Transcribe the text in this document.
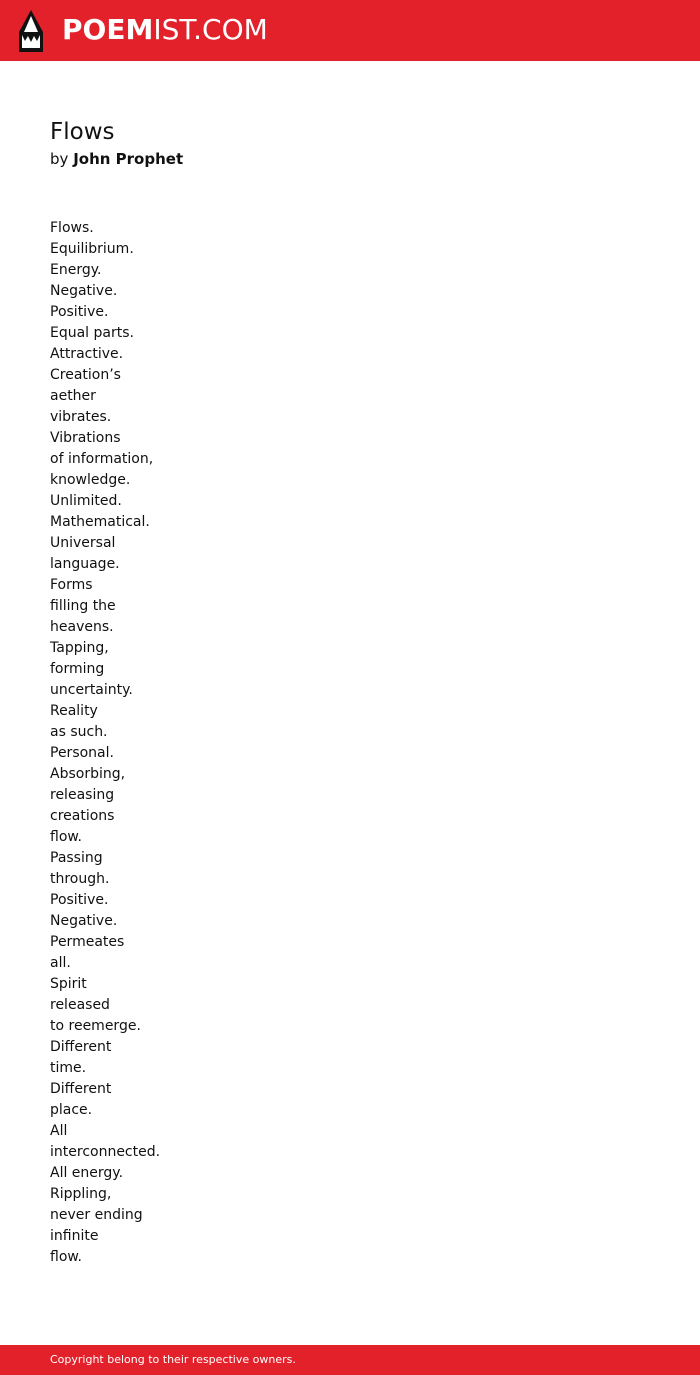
POEMIST.COM
Flows
by John Prophet
Flows.
Equilibrium.
Energy.
Negative.
Positive.
Equal parts.
Attractive.
Creation’s
aether
vibrates.
Vibrations
of information,
knowledge.
Unlimited.
Mathematical.
Universal
language.
Forms
filling the
heavens.
Tapping,
forming
uncertainty.
Reality
as such.
Personal.
Absorbing,
releasing
creations
flow.
Passing
through.
Positive.
Negative.
Permeates
all.
Spirit
released
to reemerge.
Different
time.
Different
place.
All
interconnected.
All energy.
Rippling,
never ending
infinite
flow.
Copyright belong to their respective owners.
